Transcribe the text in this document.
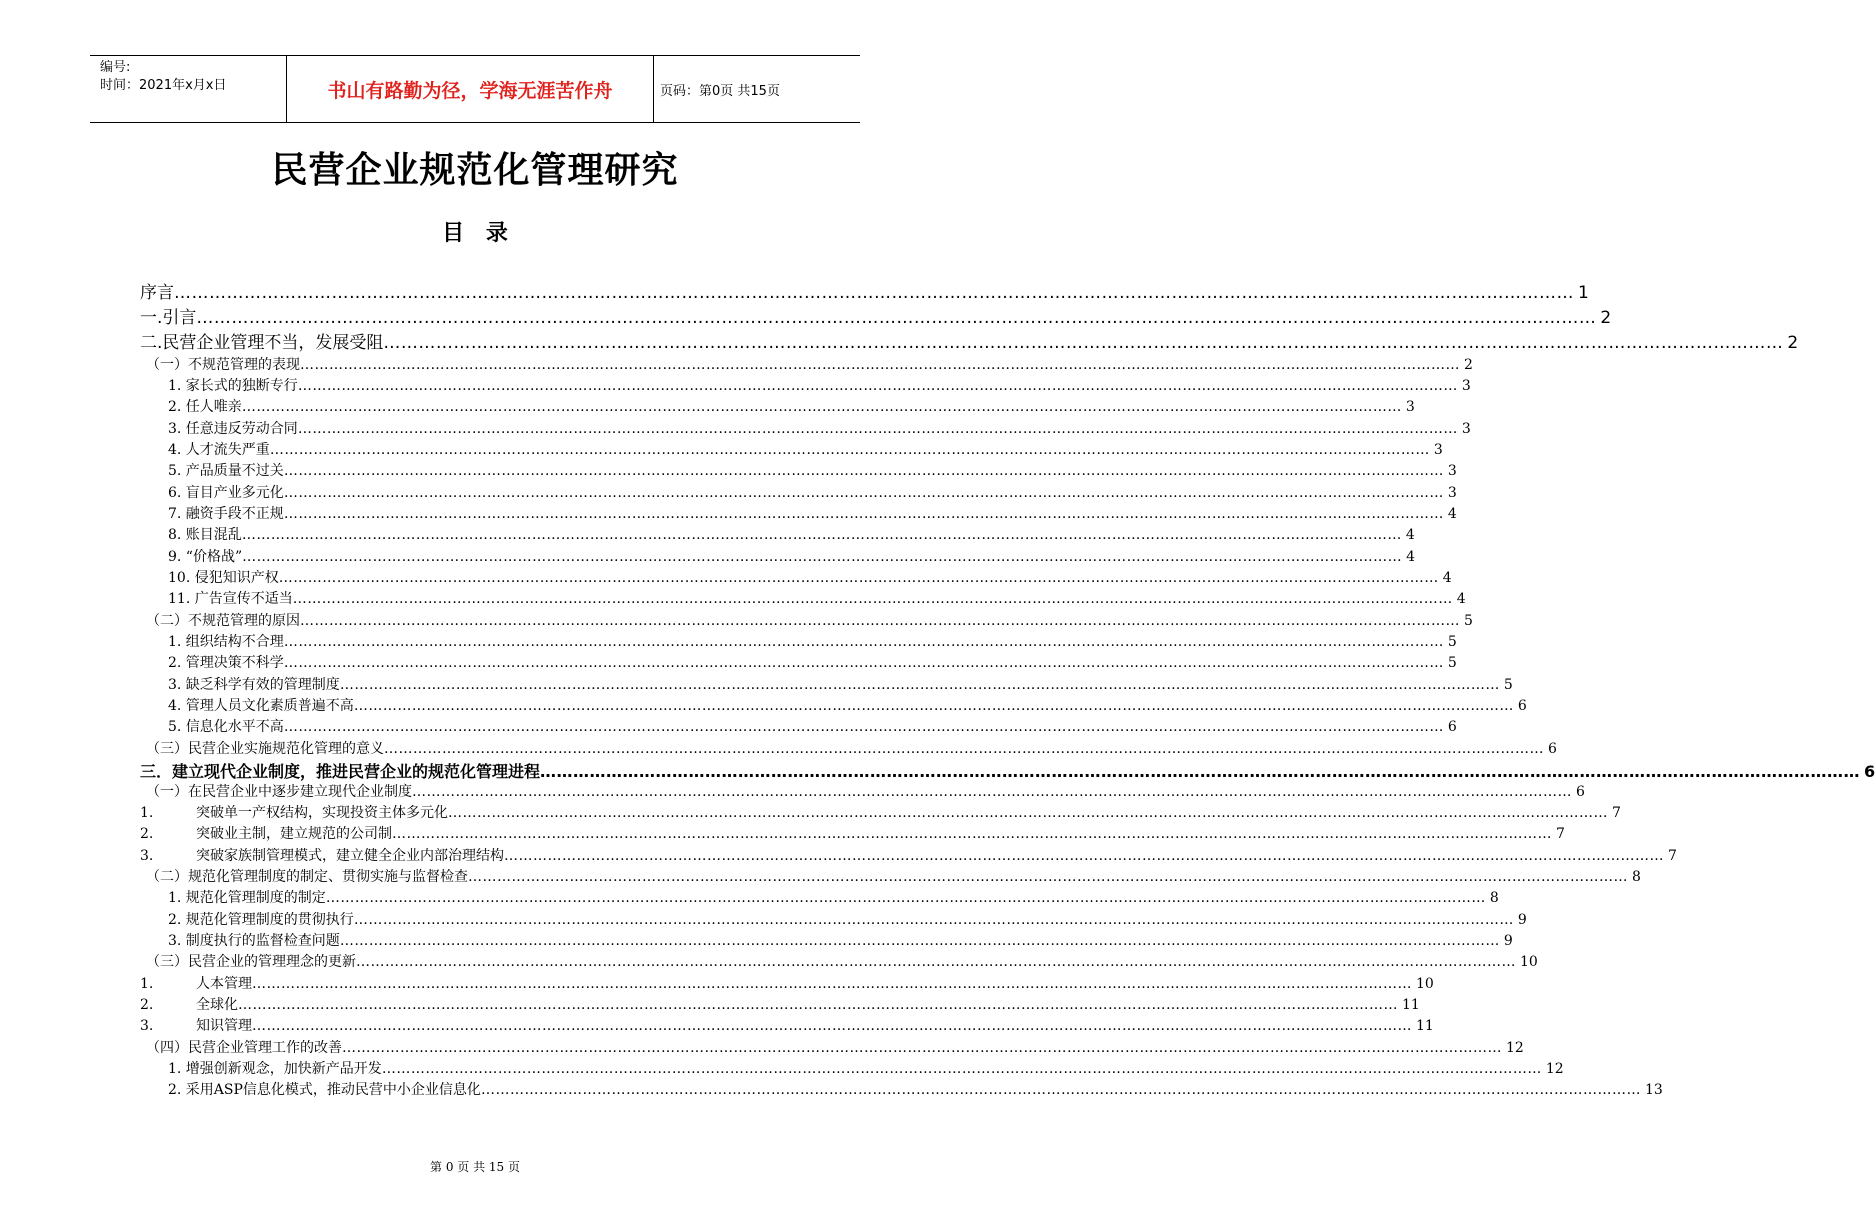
编号:
时间：2021年x月x日	书山有路勤为径，学海无涯苦作舟	页码：第0页 共15页
民营企业规范化管理研究
目 录
序言 …………………………………………………………………………………………………………………………………………………………………………………………………………………… 1
一.引言 …………………………………………………………………………………………………………………………………………………………………………………………………………………… 2
二.民营企业管理不当，发展受阻 …………………………………………………………………………………………………………………………………………………………………………………………………………………… 2
（一）不规范管理的表现 …………………………………………………………………………………………………………………………………………………………………………………………………………………… 2
1. 家长式的独断专行 …………………………………………………………………………………………………………………………………………………………………………………………………………………… 3
2. 任人唯亲 …………………………………………………………………………………………………………………………………………………………………………………………………………………… 3
3. 任意违反劳动合同 …………………………………………………………………………………………………………………………………………………………………………………………………………………… 3
4. 人才流失严重 …………………………………………………………………………………………………………………………………………………………………………………………………………………… 3
5. 产品质量不过关 …………………………………………………………………………………………………………………………………………………………………………………………………………………… 3
6. 盲目产业多元化 …………………………………………………………………………………………………………………………………………………………………………………………………………………… 3
7. 融资手段不正规 …………………………………………………………………………………………………………………………………………………………………………………………………………………… 4
8. 账目混乱 …………………………………………………………………………………………………………………………………………………………………………………………………………………… 4
9. “价格战” …………………………………………………………………………………………………………………………………………………………………………………………………………………… 4
10. 侵犯知识产权 …………………………………………………………………………………………………………………………………………………………………………………………………………………… 4
11. 广告宣传不适当 …………………………………………………………………………………………………………………………………………………………………………………………………………………… 4
（二）不规范管理的原因 …………………………………………………………………………………………………………………………………………………………………………………………………………………… 5
1. 组织结构不合理 …………………………………………………………………………………………………………………………………………………………………………………………………………………… 5
2. 管理决策不科学 …………………………………………………………………………………………………………………………………………………………………………………………………………………… 5
3. 缺乏科学有效的管理制度 …………………………………………………………………………………………………………………………………………………………………………………………………………………… 5
4. 管理人员文化素质普遍不高 …………………………………………………………………………………………………………………………………………………………………………………………………………………… 6
5. 信息化水平不高 …………………………………………………………………………………………………………………………………………………………………………………………………………………… 6
（三）民营企业实施规范化管理的意义 …………………………………………………………………………………………………………………………………………………………………………………………………………………… 6
三．建立现代企业制度，推进民营企业的规范化管理进程 …………………………………………………………………………………………………………………………………………………………………………………………………………………… 6
（一）在民营企业中逐步建立现代企业制度 …………………………………………………………………………………………………………………………………………………………………………………………………………………… 6
1.	突破单一产权结构，实现投资主体多元化 …………………………………………………………………………………………………………………………………………………………………………………………………………………… 7
2.	突破业主制，建立规范的公司制 …………………………………………………………………………………………………………………………………………………………………………………………………………………… 7
3.	突破家族制管理模式，建立健全企业内部治理结构 …………………………………………………………………………………………………………………………………………………………………………………………………………………… 7
（二）规范化管理制度的制定、贯彻实施与监督检查 …………………………………………………………………………………………………………………………………………………………………………………………………………………… 8
1. 规范化管理制度的制定 …………………………………………………………………………………………………………………………………………………………………………………………………………………… 8
2. 规范化管理制度的贯彻执行 …………………………………………………………………………………………………………………………………………………………………………………………………………………… 9
3. 制度执行的监督检查问题 …………………………………………………………………………………………………………………………………………………………………………………………………………………… 9
（三）民营企业的管理理念的更新 …………………………………………………………………………………………………………………………………………………………………………………………………………………… 10
1.	人本管理 …………………………………………………………………………………………………………………………………………………………………………………………………………………… 10
2.	全球化 …………………………………………………………………………………………………………………………………………………………………………………………………………………… 11
3.	知识管理 …………………………………………………………………………………………………………………………………………………………………………………………………………………… 11
（四）民营企业管理工作的改善 …………………………………………………………………………………………………………………………………………………………………………………………………………………… 12
1. 增强创新观念，加快新产品开发 …………………………………………………………………………………………………………………………………………………………………………………………………………………… 12
2. 采用ASP信息化模式，推动民营中小企业信息化 …………………………………………………………………………………………………………………………………………………………………………………………………………………… 13
第 0 页 共 15 页
